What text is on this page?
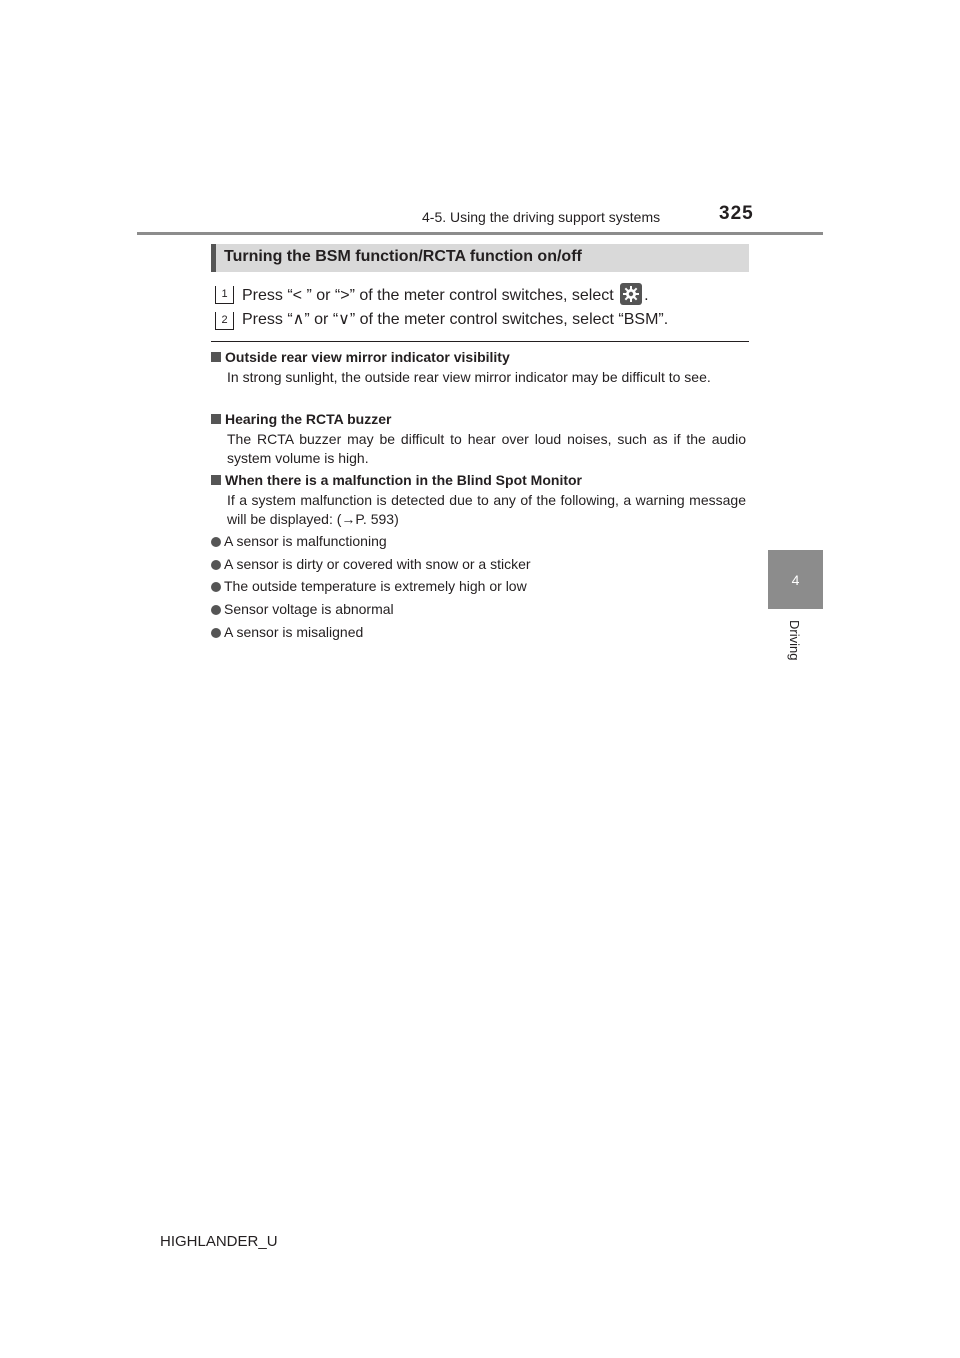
4-5. Using the driving support systems	325
4
Driving
Turning the BSM function/RCTA function on/off
1 Press “< ” or “>” of the meter control switches, select
.
2 Press “∧” or “∨” of the meter control switches, select “BSM”.
Outside rear view mirror indicator visibility
In strong sunlight, the outside rear view mirror indicator may be difficult to see.
Hearing the RCTA buzzer
The RCTA buzzer may be difficult to hear over loud noises, such as if the audio system volume is high.
When there is a malfunction in the Blind Spot Monitor
If a system malfunction is detected due to any of the following, a warning message will be displayed: (→P. 593)
A sensor is malfunctioning
A sensor is dirty or covered with snow or a sticker
The outside temperature is extremely high or low
Sensor voltage is abnormal
A sensor is misaligned
HIGHLANDER_U
